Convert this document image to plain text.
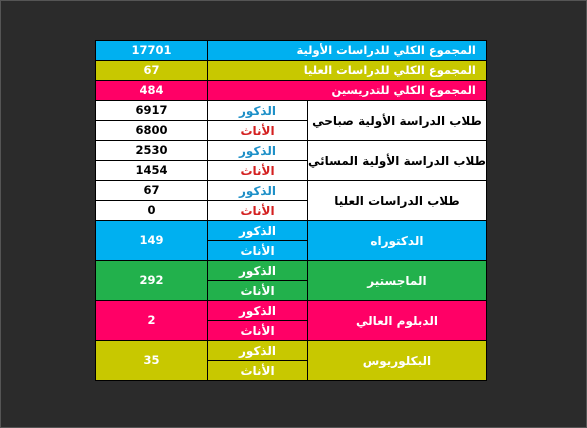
17701	المجموع الكلي للدراسات الأولية	
67	المجموع الكلي للدراسات العليا	
484	المجموع الكلي للتدريسين	
6917	الذكور	طلاب الدراسة الأولية صباحي
6800	الأناث	
2530	الذكور	طلاب الدراسة الأولية المسائي
1454	الأناث	
67	الذكور	طلاب الدراسات العليا
0	الأناث	
149	الذكور	الدكتوراه
	الأناث	
292	الذكور	الماجستير
	الأناث	
2	الذكور	الدبلوم العالي
	الأناث	
35	الذكور	البكلوريوس
	الأناث	
